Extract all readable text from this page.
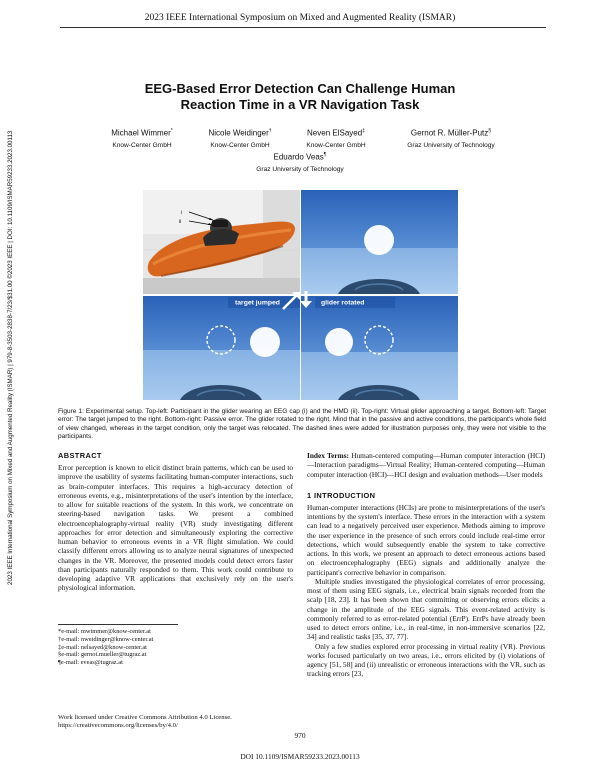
2023 IEEE International Symposium on Mixed and Augmented Reality (ISMAR)
2023 IEEE International Symposium on Mixed and Augmented Reality (ISMAR) | 979-8-3503-2838-7/23/$31.00 ©2023 IEEE | DOI: 10.1109/ISMAR59233.2023.00113
EEG-Based Error Detection Can Challenge Human
Reaction Time in a VR Navigation Task
Michael Wimmer*
Know-Center GmbH
Nicole Weidinger†
Know-Center GmbH
Neven ElSayed‡
Know-Center GmbH
Gernot R. Müller-Putz§
Graz University of Technology
Eduardo Veas¶
Graz University of Technology
i
ii
target jumped	glider rotated
Figure 1: Experimental setup. Top-left: Participant in the glider wearing an EEG cap (i) and the HMD (ii). Top-right: Virtual glider approaching a target. Bottom-left: Target error: The target jumped to the right. Bottom-right: Passive error. The glider rotated to the right. Mind that in the passive and active conditions, the participant's whole field of view changed, whereas in the target condition, only the target was relocated. The dashed lines were added for illustration purposes only, they were not visible to the participants.
ABSTRACT
Error perception is known to elicit distinct brain patterns, which can be used to improve the usability of systems facilitating human-computer interactions, such as brain-computer interfaces. This requires a high-accuracy detection of erroneous events, e.g., misinterpretations of the user's intention by the interface, to allow for suitable reactions of the system. In this work, we concentrate on steering-based navigation tasks. We present a combined electroencephalography-virtual reality (VR) study investigating different approaches for error detection and simultaneously exploring the corrective human behavior to erroneous events in a VR flight simulation. We could classify different errors allowing us to analyze neural signatures of unexpected changes in the VR. Moreover, the presented models could detect errors faster than participants naturally responded to them. This work could contribute to developing adaptive VR applications that exclusively rely on the user's physiological information.
*e-mail: mwimmer@know-center.at
†e-mail: nweidinger@know-center.at
‡e-mail: nelsayed@know-center.at
§e-mail: gernot.mueller@tugraz.at
¶e-mail: eveas@tugraz.at
Work licensed under Creative Commons Attribution 4.0 License.
https://creativecommons.org/licenses/by/4.0/
Index Terms: Human-centered computing—Human computer interaction (HCI)—Interaction paradigms—Virtual Reality; Human-centered computing—Human computer interaction (HCI)—HCI design and evaluation methods—User models
1 INTRODUCTION
Human-computer interactions (HCIs) are prone to misinterpretations of the user's intentions by the system's interface. These errors in the interaction with a system can lead to a negatively perceived user experience. Methods aiming to improve the user experience in the presence of such errors could include real-time error detections, which would subsequently enable the system to take corrective actions. In this work, we present an approach to detect erroneous actions based on electroencephalography (EEG) signals and additionally analyze the participant's corrective behavior in comparison.
Multiple studies investigated the physiological correlates of error processing, most of them using EEG signals, i.e., electrical brain signals recorded from the scalp [18, 23]. It has been shown that committing or observing errors elicits a change in the amplitude of the EEG signals. This event-related activity is commonly referred to as error-related potential (ErrP). ErrPs have already been used to detect errors online, i.e., in real-time, in non-immersive scenarios [22, 34] and realistic tasks [35, 37, 77].
Only a few studies explored error processing in virtual reality (VR). Previous works focused particularly on two areas, i.e., errors elicited by (i) violations of agency [51, 58] and (ii) unrealistic or erroneous interactions with the VR, such as tracking errors [23,
970
DOI 10.1109/ISMAR59233.2023.00113
